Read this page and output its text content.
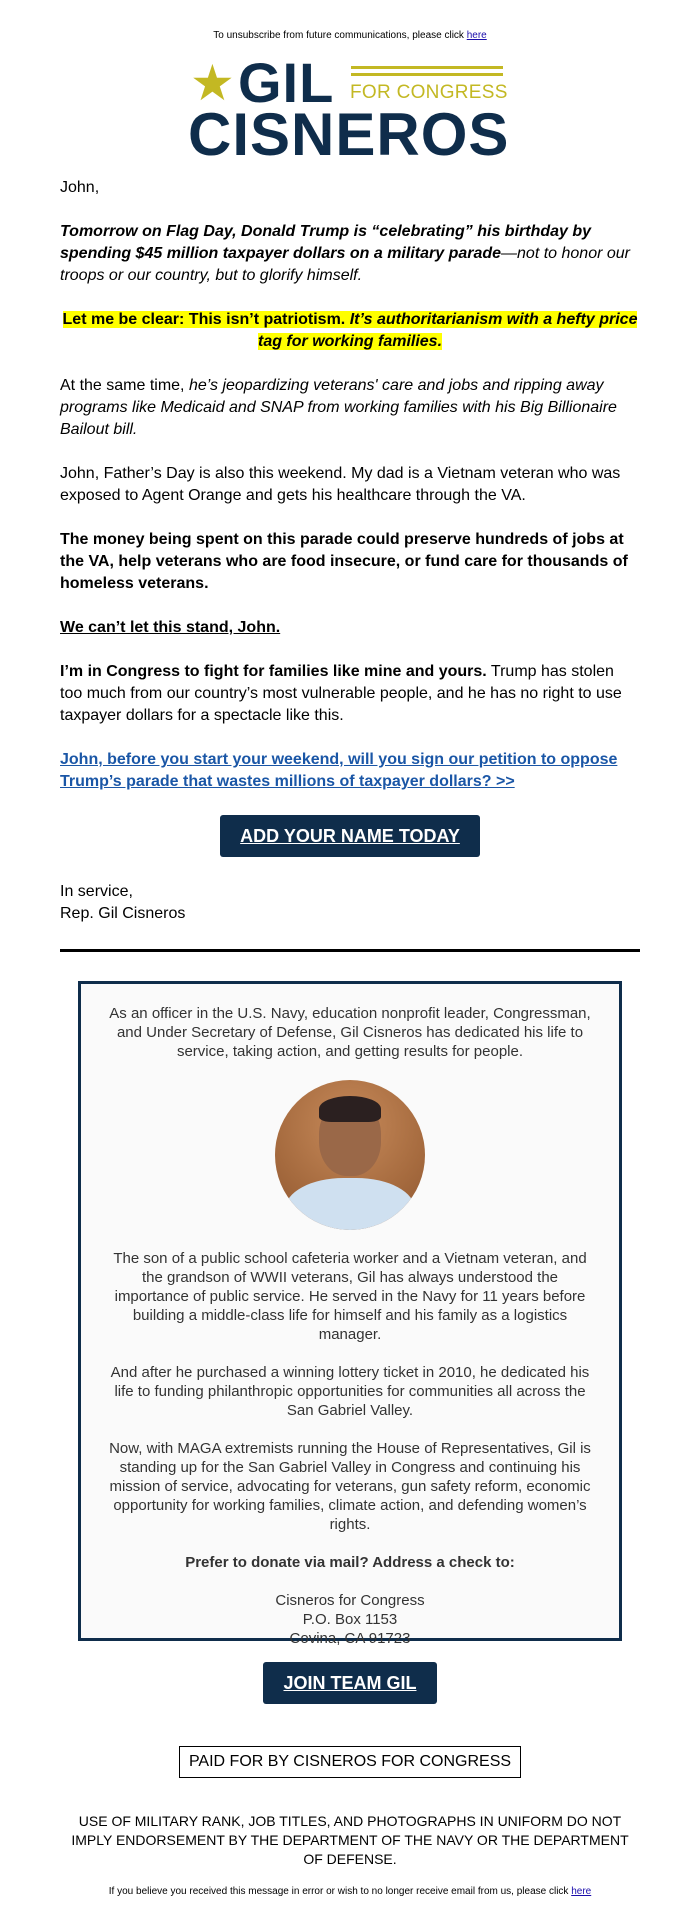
To unsubscribe from future communications, please click here
★ GIL FOR CONGRESS
CISNEROS
John,
Tomorrow on Flag Day, Donald Trump is “celebrating” his birthday by spending $45 million taxpayer dollars on a military parade—not to honor our troops or our country, but to glorify himself.
Let me be clear: This isn’t patriotism. It’s authoritarianism with a hefty price tag for working families.
At the same time, he’s jeopardizing veterans' care and jobs and ripping away programs like Medicaid and SNAP from working families with his Big Billionaire Bailout bill.
John, Father’s Day is also this weekend. My dad is a Vietnam veteran who was exposed to Agent Orange and gets his healthcare through the VA.
The money being spent on this parade could preserve hundreds of jobs at the VA, help veterans who are food insecure, or fund care for thousands of homeless veterans.
We can’t let this stand, John.
I’m in Congress to fight for families like mine and yours. Trump has stolen too much from our country’s most vulnerable people, and he has no right to use taxpayer dollars for a spectacle like this.
John, before you start your weekend, will you sign our petition to oppose Trump’s parade that wastes millions of taxpayer dollars? >>
ADD YOUR NAME TODAY
In service,
Rep. Gil Cisneros

As an officer in the U.S. Navy, education nonprofit leader, Congressman, and Under Secretary of Defense, Gil Cisneros has dedicated his life to service, taking action, and getting results for people.

The son of a public school cafeteria worker and a Vietnam veteran, and the grandson of WWII veterans, Gil has always understood the importance of public service. He served in the Navy for 11 years before building a middle-class life for himself and his family as a logistics manager.

And after he purchased a winning lottery ticket in 2010, he dedicated his life to funding philanthropic opportunities for communities all across the San Gabriel Valley.

Now, with MAGA extremists running the House of Representatives, Gil is standing up for the San Gabriel Valley in Congress and continuing his mission of service, advocating for veterans, gun safety reform, economic opportunity for working families, climate action, and defending women’s rights.

Prefer to donate via mail? Address a check to:

Cisneros for Congress
P.O. Box 1153
Covina, CA 91723
JOIN TEAM GIL
PAID FOR BY CISNEROS FOR CONGRESS
USE OF MILITARY RANK, JOB TITLES, AND PHOTOGRAPHS IN UNIFORM DO NOT IMPLY ENDORSEMENT BY THE DEPARTMENT OF THE NAVY OR THE DEPARTMENT OF DEFENSE.
If you believe you received this message in error or wish to no longer receive email from us, please click here
